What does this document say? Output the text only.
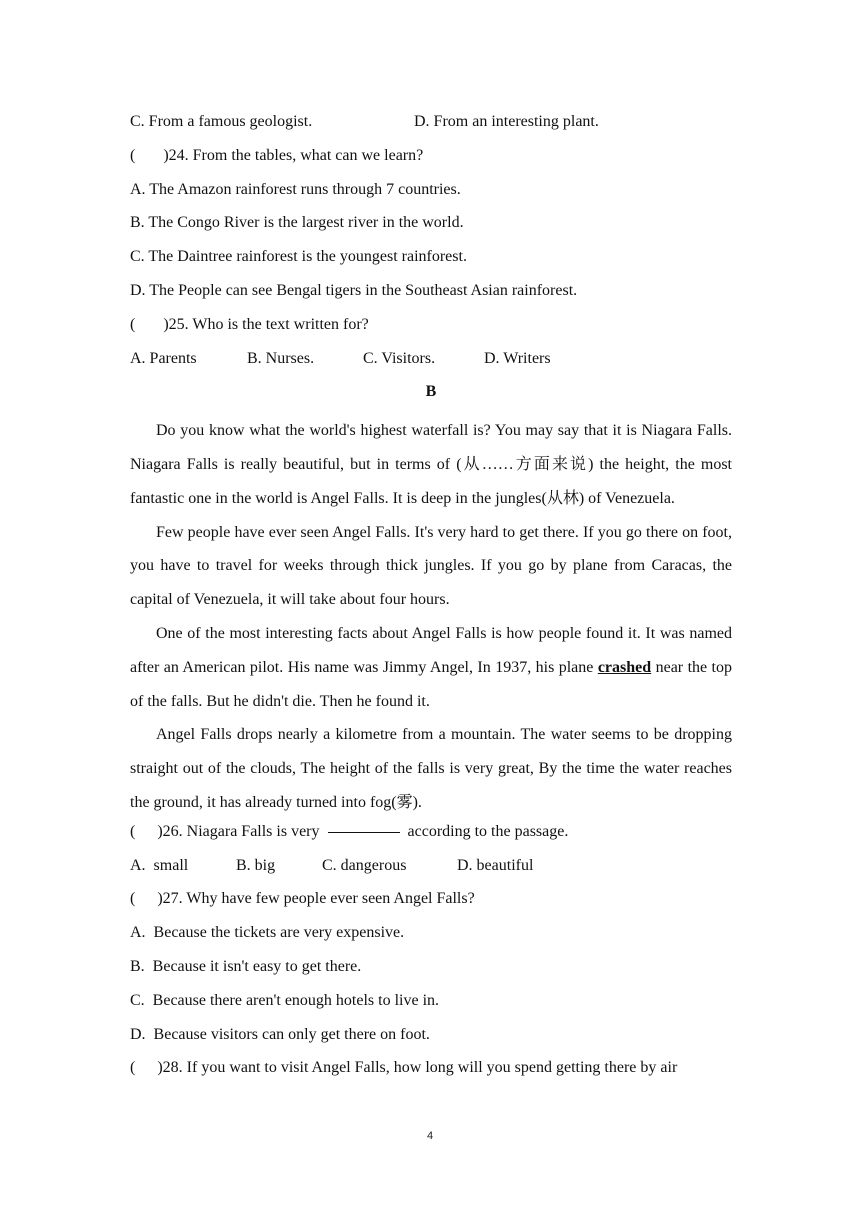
C. From a famous geologist.	D. From an interesting plant.
( )24. From the tables, what can we learn?
A. The Amazon rainforest runs through 7 countries.
B. The Congo River is the largest river in the world.
C. The Daintree rainforest is the youngest rainforest.
D. The People can see Bengal tigers in the Southeast Asian rainforest.
( )25. Who is the text written for?
A. Parents	B. Nurses.	C. Visitors.	D. Writers
B

Do you know what the world's highest waterfall is? You may say that it is Niagara Falls. Niagara Falls is really beautiful, but in terms of (从……方面来说) the height, the most fantastic one in the world is Angel Falls. It is deep in the jungles(从林) of Venezuela.

Few people have ever seen Angel Falls. It's very hard to get there. If you go there on foot, you have to travel for weeks through thick jungles. If you go by plane from Caracas, the capital of Venezuela, it will take about four hours.

One of the most interesting facts about Angel Falls is how people found it. It was named after an American pilot. His name was Jimmy Angel, In 1937, his plane crashed near the top of the falls. But he didn't die. Then he found it.

Angel Falls drops nearly a kilometre from a mountain. The water seems to be dropping straight out of the clouds, The height of the falls is very great, By the time the water reaches the ground, it has already turned into fog(雾).

( )26. Niagara Falls is very	according to the passage.
A.  small	B. big	C. dangerous	D. beautiful
( )27. Why have few people ever seen Angel Falls?
A.  Because the tickets are very expensive.
B.  Because it isn't easy to get there.
C.  Because there aren't enough hotels to live in.
D.  Because visitors can only get there on foot.
( )28. If you want to visit Angel Falls, how long will you spend getting there by air
4
